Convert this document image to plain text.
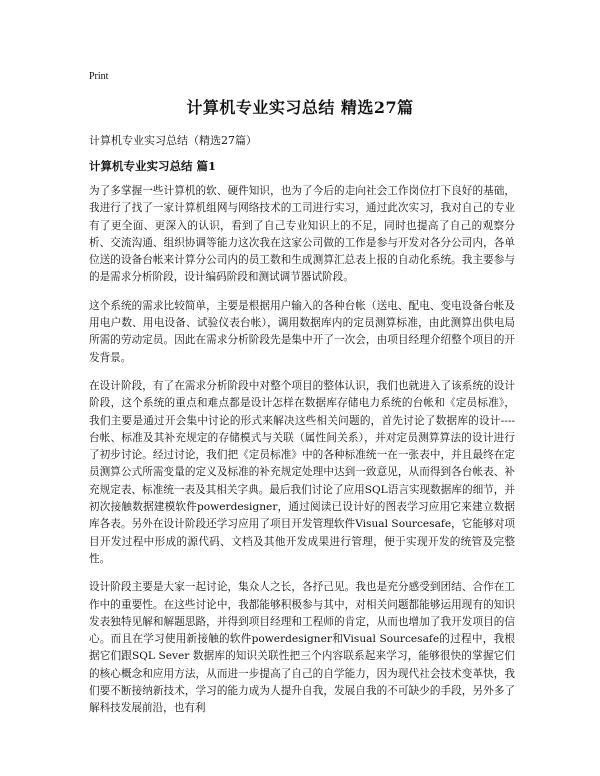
Print
计算机专业实习总结 精选27篇
计算机专业实习总结（精选27篇）
计算机专业实习总结 篇1

为了多掌握一些计算机的软、硬件知识，也为了今后的走向社会工作岗位打下良好的基础，我进行了找了一家计算机组网与网络技术的工司进行实习，通过此次实习，我对自己的专业有了更全面、更深入的认识，看到了自己专业知识上的不足，同时也提高了自己的观察分析、交流沟通、组织协调等能力这次我在这家公司做的工作是参与开发对各分公司内，各单位送的设备台帐来计算分公司内的员工数和生成测算汇总表上报的自动化系统。我主要参与的是需求分析阶段，设计编码阶段和测试调节器试阶段。

这个系统的需求比较简单，主要是根据用户输入的各种台帐（送电、配电、变电设备台帐及用电户数、用电设备、试验仪表台帐），调用数据库内的定员测算标准，由此测算出供电局所需的劳动定员。因此在需求分析阶段先是集中开了一次会，由项目经理介绍整个项目的开发背景。

在设计阶段，有了在需求分析阶段中对整个项目的整体认识，我们也就进入了该系统的设计阶段，这个系统的重点和难点都是设计怎样在数据库存储电力系统的台帐和《定员标准》，我们主要是通过开会集中讨论的形式来解决这些相关问题的，首先讨论了数据库的设计----台帐、标准及其补充规定的存储模式与关联（属性间关系），并对定员测算算法的设计进行了初步讨论。经过讨论，我们把《定员标准》中的各种标准统一在一张表中，并且最终在定员测算公式所需变量的定义及标准的补充规定处理中达到一致意见，从而得到各台帐表、补充规定表、标准统一表及其相关字典。最后我们讨论了应用SQL语言实现数据库的细节，并初次接触数据建模软件powerdesigner，通过阅读已设计好的图表学习应用它来建立数据库各表。另外在设计阶段还学习应用了项目开发管理软件Visual Sourcesafe，它能够对项目开发过程中形成的源代码、文档及其他开发成果进行管理，便于实现开发的统管及完整性。

设计阶段主要是大家一起讨论，集众人之长，各抒己见。我也是充分感受到团结、合作在工作中的重要性。在这些讨论中，我都能够积极参与其中，对相关问题都能够运用现有的知识发表独特见解和解题思路，并得到项目经理和工程师的肯定，从而也增加了我开发项目的信心。而且在学习使用新接触的软件powerdesigner和Visual Sourcesafe的过程中，我根据它们跟SQL Sever 数据库的知识关联性把三个内容联系起来学习，能够很快的掌握它们的核心概念和应用方法，从而进一步提高了自己的自学能力，因为现代社会技术变革快，我们要不断接纳新技术，学习的能力成为人提升自我，发展自我的不可缺少的手段，另外多了解科技发展前沿，也有利
